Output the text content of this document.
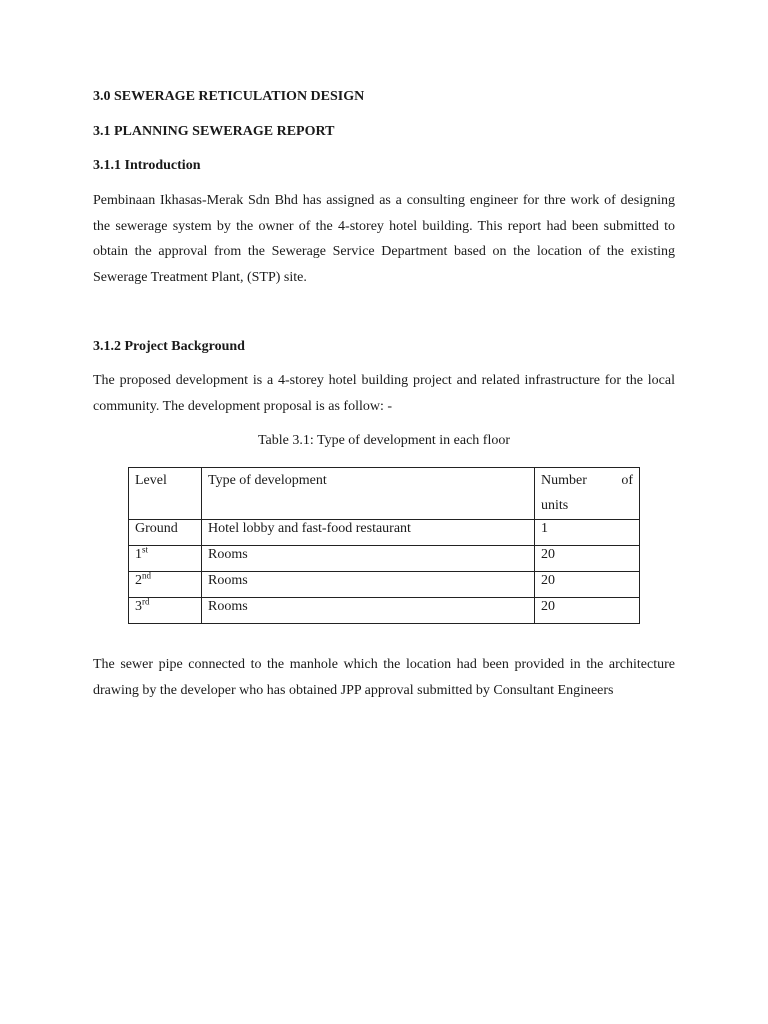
3.0 SEWERAGE RETICULATION DESIGN
3.1 PLANNING SEWERAGE REPORT
3.1.1 Introduction
Pembinaan Ikhasas-Merak Sdn Bhd has assigned as a consulting engineer for thre work of designing the sewerage system by the owner of the 4-storey hotel building. This report had been submitted to obtain the approval from the Sewerage Service Department based on the location of the existing Sewerage Treatment Plant, (STP) site.
3.1.2 Project Background
The proposed development is a 4-storey hotel building project and related infrastructure for the local community. The development proposal is as follow: -
Table 3.1: Type of development in each floor
The sewer pipe connected to the manhole which the location had been provided in the architecture drawing by the developer who has obtained JPP approval submitted by Consultant Engineers
Level	Type of development	Number of
units

Ground	Hotel lobby and fast-food restaurant	1
1st	Rooms	20
2nd	Rooms	20
3rd	Rooms	20
